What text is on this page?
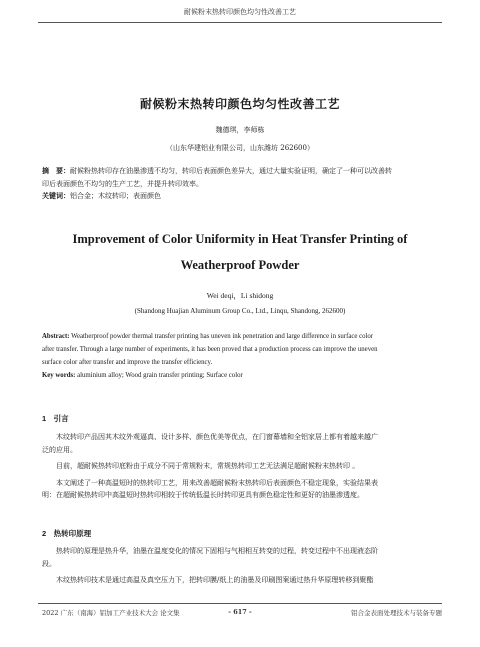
耐候粉末热转印颜色均匀性改善工艺
耐候粉末热转印颜色均匀性改善工艺
魏德琪，李师栋
（山东华建铝业有限公司，山东潍坊 262600）
摘　要：耐候粉热转印存在油墨渗透不均匀，转印后表面颜色差异大，通过大量实验证明，确定了一种可以改善转
印后表面颜色不均匀的生产工艺，并提升转印效率。
关键词：铝合金；木纹转印；表面颜色
Improvement of Color Uniformity in Heat Transfer Printing of
Weatherproof Powder
Wei deqi，Li shidong
(Shandong Huajian Aluminum Group Co., Ltd., Linqu, Shandong, 262600)
Abstract: Weatherproof powder thermal transfer printing has uneven ink penetration and large difference in surface color
after transfer. Through a large number of experiments, it has been proved that a production process can improve the uneven
surface color after transfer and improve the transfer efficiency.
Key words: aluminium alloy; Wood grain transfer printing; Surface color
1　引言
木纹转印产品因其木纹外观逼真、设计多样、颜色优美等优点，在门窗幕墙和全铝家居上都有着越来越广
泛的应用。
目前，超耐候热转印底粉由于成分不同于常规粉末，常规热转印工艺无法满足超耐候粉末热转印 。
本文阐述了一种高温短时的热转印工艺，用来改善超耐候粉末热转印后表面颜色不稳定现象，实验结果表
明：在超耐候热转印中高温短时热转印相较于传统低温长时转印更具有颜色稳定性和更好的油墨渗透度。
2　热转印原理
热转印的原理是热升华，油墨在温度变化的情况下固相与气相相互转变的过程，转变过程中不出现液态阶
段。
木纹热转印技术是通过高温及真空压力下，把转印膜/纸上的油墨及印刷图案通过热升华原理转移到聚酯
2022 广东（南海）铝加工产业技术大会 论文集	- 617 -	铝合金表面处理技术与装备专题
